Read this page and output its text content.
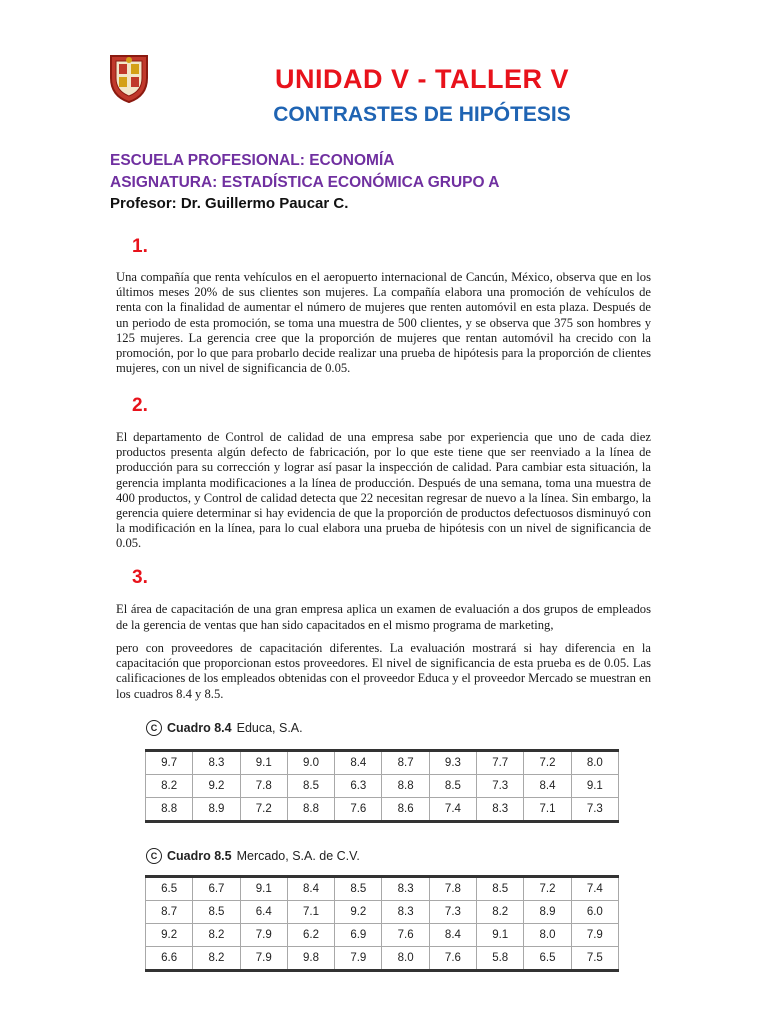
UNIDAD V - TALLER V
CONTRASTES DE HIPÓTESIS
ESCUELA PROFESIONAL: ECONOMÍA
ASIGNATURA: ESTADÍSTICA ECONÓMICA GRUPO A
Profesor: Dr. Guillermo Paucar C.
1.
Una compañía que renta vehículos en el aeropuerto internacional de Cancún, México, observa que en los últimos meses 20% de sus clientes son mujeres. La compañía elabora una promoción de vehículos de renta con la finalidad de aumentar el número de mujeres que renten automóvil en esta plaza. Después de un periodo de esta promoción, se toma una muestra de 500 clientes, y se observa que 375 son hombres y 125 mujeres. La gerencia cree que la proporción de mujeres que rentan automóvil ha crecido con la promoción, por lo que para probarlo decide realizar una prueba de hipótesis para la proporción de clientes mujeres, con un nivel de significancia de 0.05.
2.
El departamento de Control de calidad de una empresa sabe por experiencia que uno de cada diez productos presenta algún defecto de fabricación, por lo que este tiene que ser reenviado a la línea de producción para su corrección y lograr así pasar la inspección de calidad. Para cambiar esta situación, la gerencia implanta modificaciones a la línea de producción. Después de una semana, toma una muestra de 400 productos, y Control de calidad detecta que 22 necesitan regresar de nuevo a la línea. Sin embargo, la gerencia quiere determinar si hay evidencia de que la proporción de productos defectuosos disminuyó con la modificación en la línea, para lo cual elabora una prueba de hipótesis con un nivel de significancia de 0.05.
3.
El área de capacitación de una gran empresa aplica un examen de evaluación a dos grupos de empleados de la gerencia de ventas que han sido capacitados en el mismo programa de marketing,
pero con proveedores de capacitación diferentes. La evaluación mostrará si hay diferencia en la capacitación que proporcionan estos proveedores. El nivel de significancia de esta prueba es de 0.05. Las calificaciones de los empleados obtenidas con el proveedor Educa y el proveedor Mercado se muestran en los cuadros 8.4 y 8.5.
C Cuadro 8.4 Educa, S.A.
9.7	8.3	9.1	9.0	8.4	8.7	9.3	7.7	7.2	8.0
8.2	9.2	7.8	8.5	6.3	8.8	8.5	7.3	8.4	9.1
8.8	8.9	7.2	8.8	7.6	8.6	7.4	8.3	7.1	7.3
C Cuadro 8.5 Mercado, S.A. de C.V.
6.5	6.7	9.1	8.4	8.5	8.3	7.8	8.5	7.2	7.4
8.7	8.5	6.4	7.1	9.2	8.3	7.3	8.2	8.9	6.0
9.2	8.2	7.9	6.2	6.9	7.6	8.4	9.1	8.0	7.9
6.6	8.2	7.9	9.8	7.9	8.0	7.6	5.8	6.5	7.5
